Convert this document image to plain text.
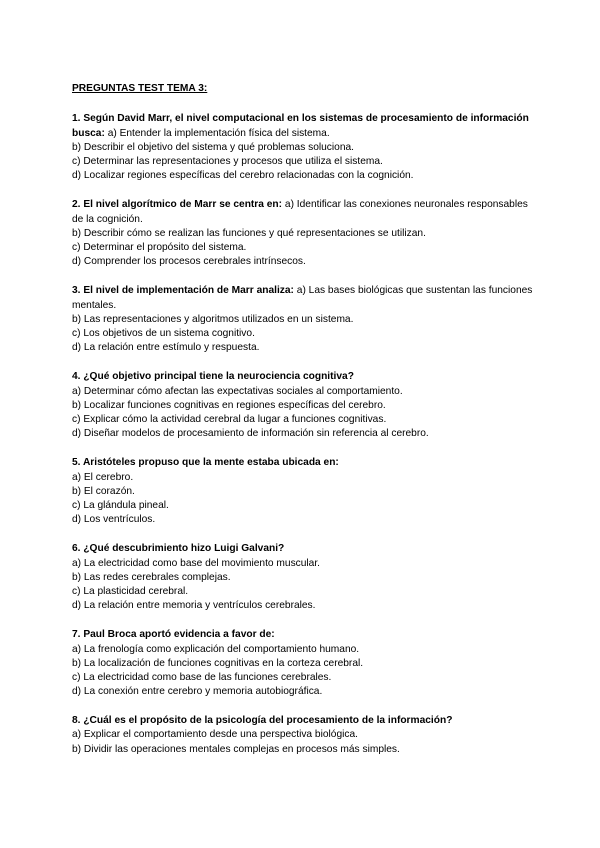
PREGUNTAS TEST TEMA 3:

1. Según David Marr, el nivel computacional en los sistemas de procesamiento de información busca: a) Entender la implementación física del sistema.

b) Describir el objetivo del sistema y qué problemas soluciona.

c) Determinar las representaciones y procesos que utiliza el sistema.

d) Localizar regiones específicas del cerebro relacionadas con la cognición.

2. El nivel algorítmico de Marr se centra en: a) Identificar las conexiones neuronales responsables de la cognición.

b) Describir cómo se realizan las funciones y qué representaciones se utilizan.

c) Determinar el propósito del sistema.

d) Comprender los procesos cerebrales intrínsecos.

3. El nivel de implementación de Marr analiza: a) Las bases biológicas que sustentan las funciones mentales.

b) Las representaciones y algoritmos utilizados en un sistema.

c) Los objetivos de un sistema cognitivo.

d) La relación entre estímulo y respuesta.

4. ¿Qué objetivo principal tiene la neurociencia cognitiva?

a) Determinar cómo afectan las expectativas sociales al comportamiento.

b) Localizar funciones cognitivas en regiones específicas del cerebro.

c) Explicar cómo la actividad cerebral da lugar a funciones cognitivas.

d) Diseñar modelos de procesamiento de información sin referencia al cerebro.

5. Aristóteles propuso que la mente estaba ubicada en:

a) El cerebro.

b) El corazón.

c) La glándula pineal.

d) Los ventrículos.

6. ¿Qué descubrimiento hizo Luigi Galvani?

a) La electricidad como base del movimiento muscular.

b) Las redes cerebrales complejas.

c) La plasticidad cerebral.

d) La relación entre memoria y ventrículos cerebrales.

7. Paul Broca aportó evidencia a favor de:

a) La frenología como explicación del comportamiento humano.

b) La localización de funciones cognitivas en la corteza cerebral.

c) La electricidad como base de las funciones cerebrales.

d) La conexión entre cerebro y memoria autobiográfica.

8. ¿Cuál es el propósito de la psicología del procesamiento de la información?

a) Explicar el comportamiento desde una perspectiva biológica.

b) Dividir las operaciones mentales complejas en procesos más simples.
